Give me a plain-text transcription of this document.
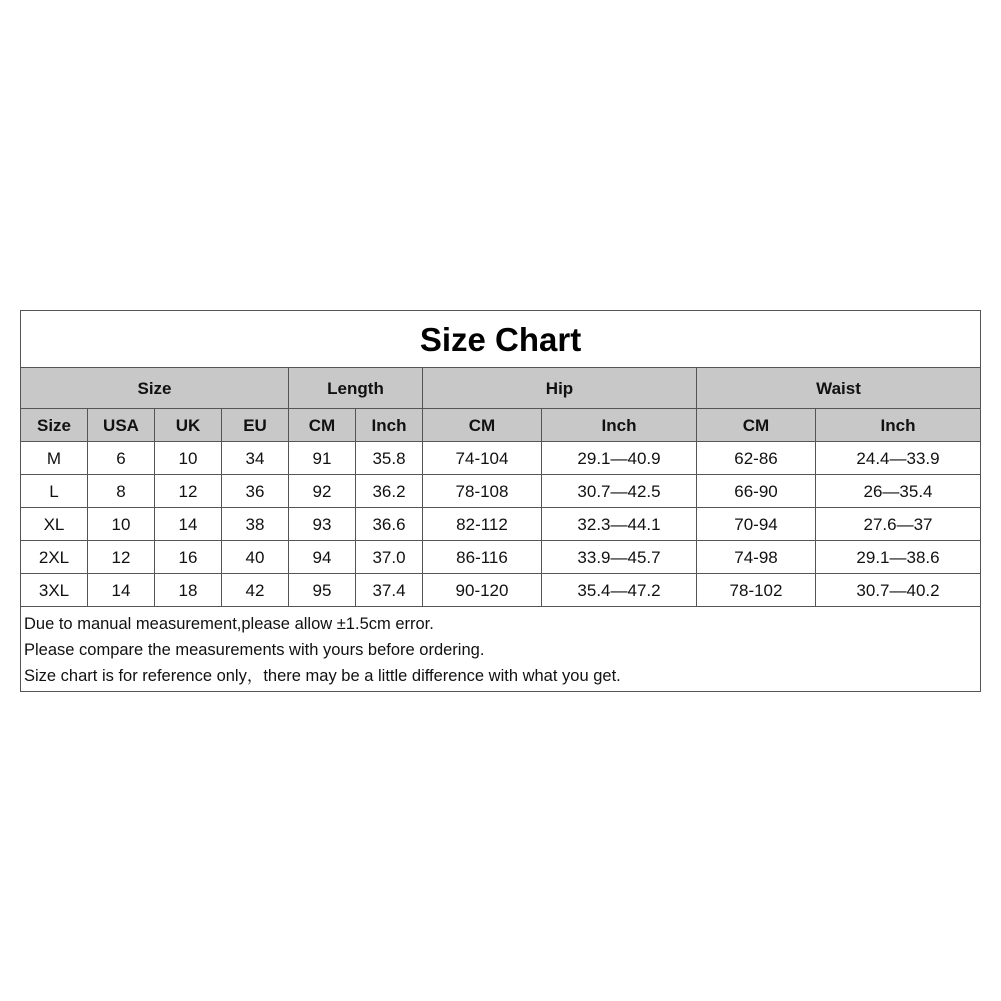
Size Chart									
Size				Length		Hip		Waist	
Size	USA	UK	EU	CM	Inch	CM	Inch	CM	Inch
M	6	10	34	91	35.8	74-104	29.1—40.9	62-86	24.4—33.9
L	8	12	36	92	36.2	78-108	30.7—42.5	66-90	26—35.4
XL	10	14	38	93	36.6	82-112	32.3—44.1	70-94	27.6—37
2XL	12	16	40	94	37.0	86-116	33.9—45.7	74-98	29.1—38.6
3XL	14	18	42	95	37.4	90-120	35.4—47.2	78-102	30.7—40.2

Due to manual measurement,please allow ±1.5cm error.
Please compare the measurements with yours before ordering.
Size chart is for reference only，there may be a little difference with what you get.									
